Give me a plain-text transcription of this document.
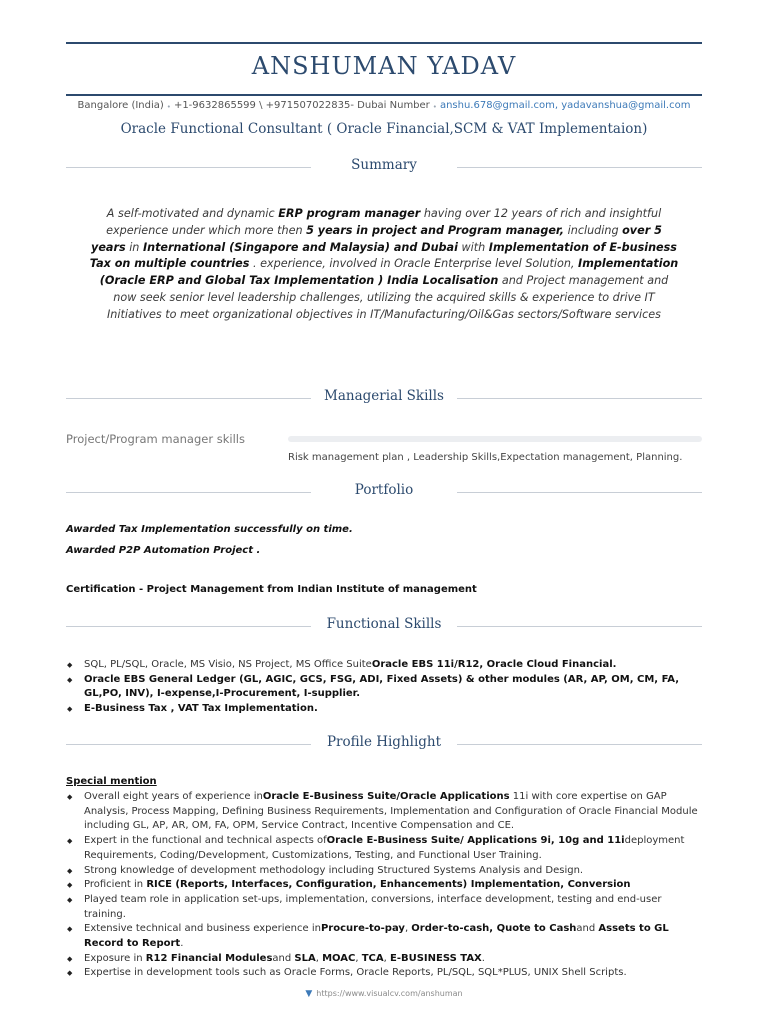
ANSHUMAN YADAV
Bangalore (India) • +1-9632865599 \ +971507022835- Dubai Number • anshu.678@gmail.com, yadavanshua@gmail.com
Oracle Functional Consultant ( Oracle Financial,SCM & VAT Implementaion)
Summary

A self-motivated and dynamic ERP program manager having over 12 years of rich and insightful experience under which more then 5 years in project and Program manager, including over 5 years in International (Singapore and Malaysia) and Dubai with Implementation of E-business Tax on multiple countries . experience, involved in Oracle Enterprise level Solution, Implementation (Oracle ERP and Global Tax Implementation ) India Localisation and Project management and now seek senior level leadership challenges, utilizing the acquired skills & experience to drive IT Initiatives to meet organizational objectives in IT/Manufacturing/Oil&Gas sectors/Software services

Managerial Skills
Project/Program manager skills
Risk management plan , Leadership Skills,Expectation management, Planning.
Portfolio
Awarded Tax Implementation successfully on time.
Awarded P2P Automation Project .
Certification - Project Management from Indian Institute of management
Functional Skills
◆ SQL, PL/SQL, Oracle, MS Visio, NS Project, MS Office SuiteOracle EBS 11i/R12, Oracle Cloud Financial.
◆ Oracle EBS General Ledger (GL, AGIC, GCS, FSG, ADI, Fixed Assets) & other modules (AR, AP, OM, CM, FA, GL,PO, INV), I-expense,I-Procurement, I-supplier.
◆ E-Business Tax , VAT Tax Implementation.
Profile Highlight
Special mention
◆ Overall eight years of experience inOracle E-Business Suite/Oracle Applications 11i with core expertise on GAP Analysis, Process Mapping, Defining Business Requirements, Implementation and Configuration of Oracle Financial Module including GL, AP, AR, OM, FA, OPM, Service Contract, Incentive Compensation and CE.
◆ Expert in the functional and technical aspects ofOracle E-Business Suite/ Applications 9i, 10g and 11ideployment Requirements, Coding/Development, Customizations, Testing, and Functional User Training.
◆ Strong knowledge of development methodology including Structured Systems Analysis and Design.
◆ Proficient in RICE (Reports, Interfaces, Configuration, Enhancements) Implementation, Conversion
◆ Played team role in application set-ups, implementation, conversions, interface development, testing and end-user training.
◆ Extensive technical and business experience inProcure-to-pay, Order-to-cash, Quote to Cashand Assets to GL Record to Report.
◆ Exposure in R12 Financial Modulesand SLA, MOAC, TCA, E-BUSINESS TAX.
◆ Expertise in development tools such as Oracle Forms, Oracle Reports, PL/SQL, SQL*PLUS, UNIX Shell Scripts.
▼ https://www.visualcv.com/anshuman
